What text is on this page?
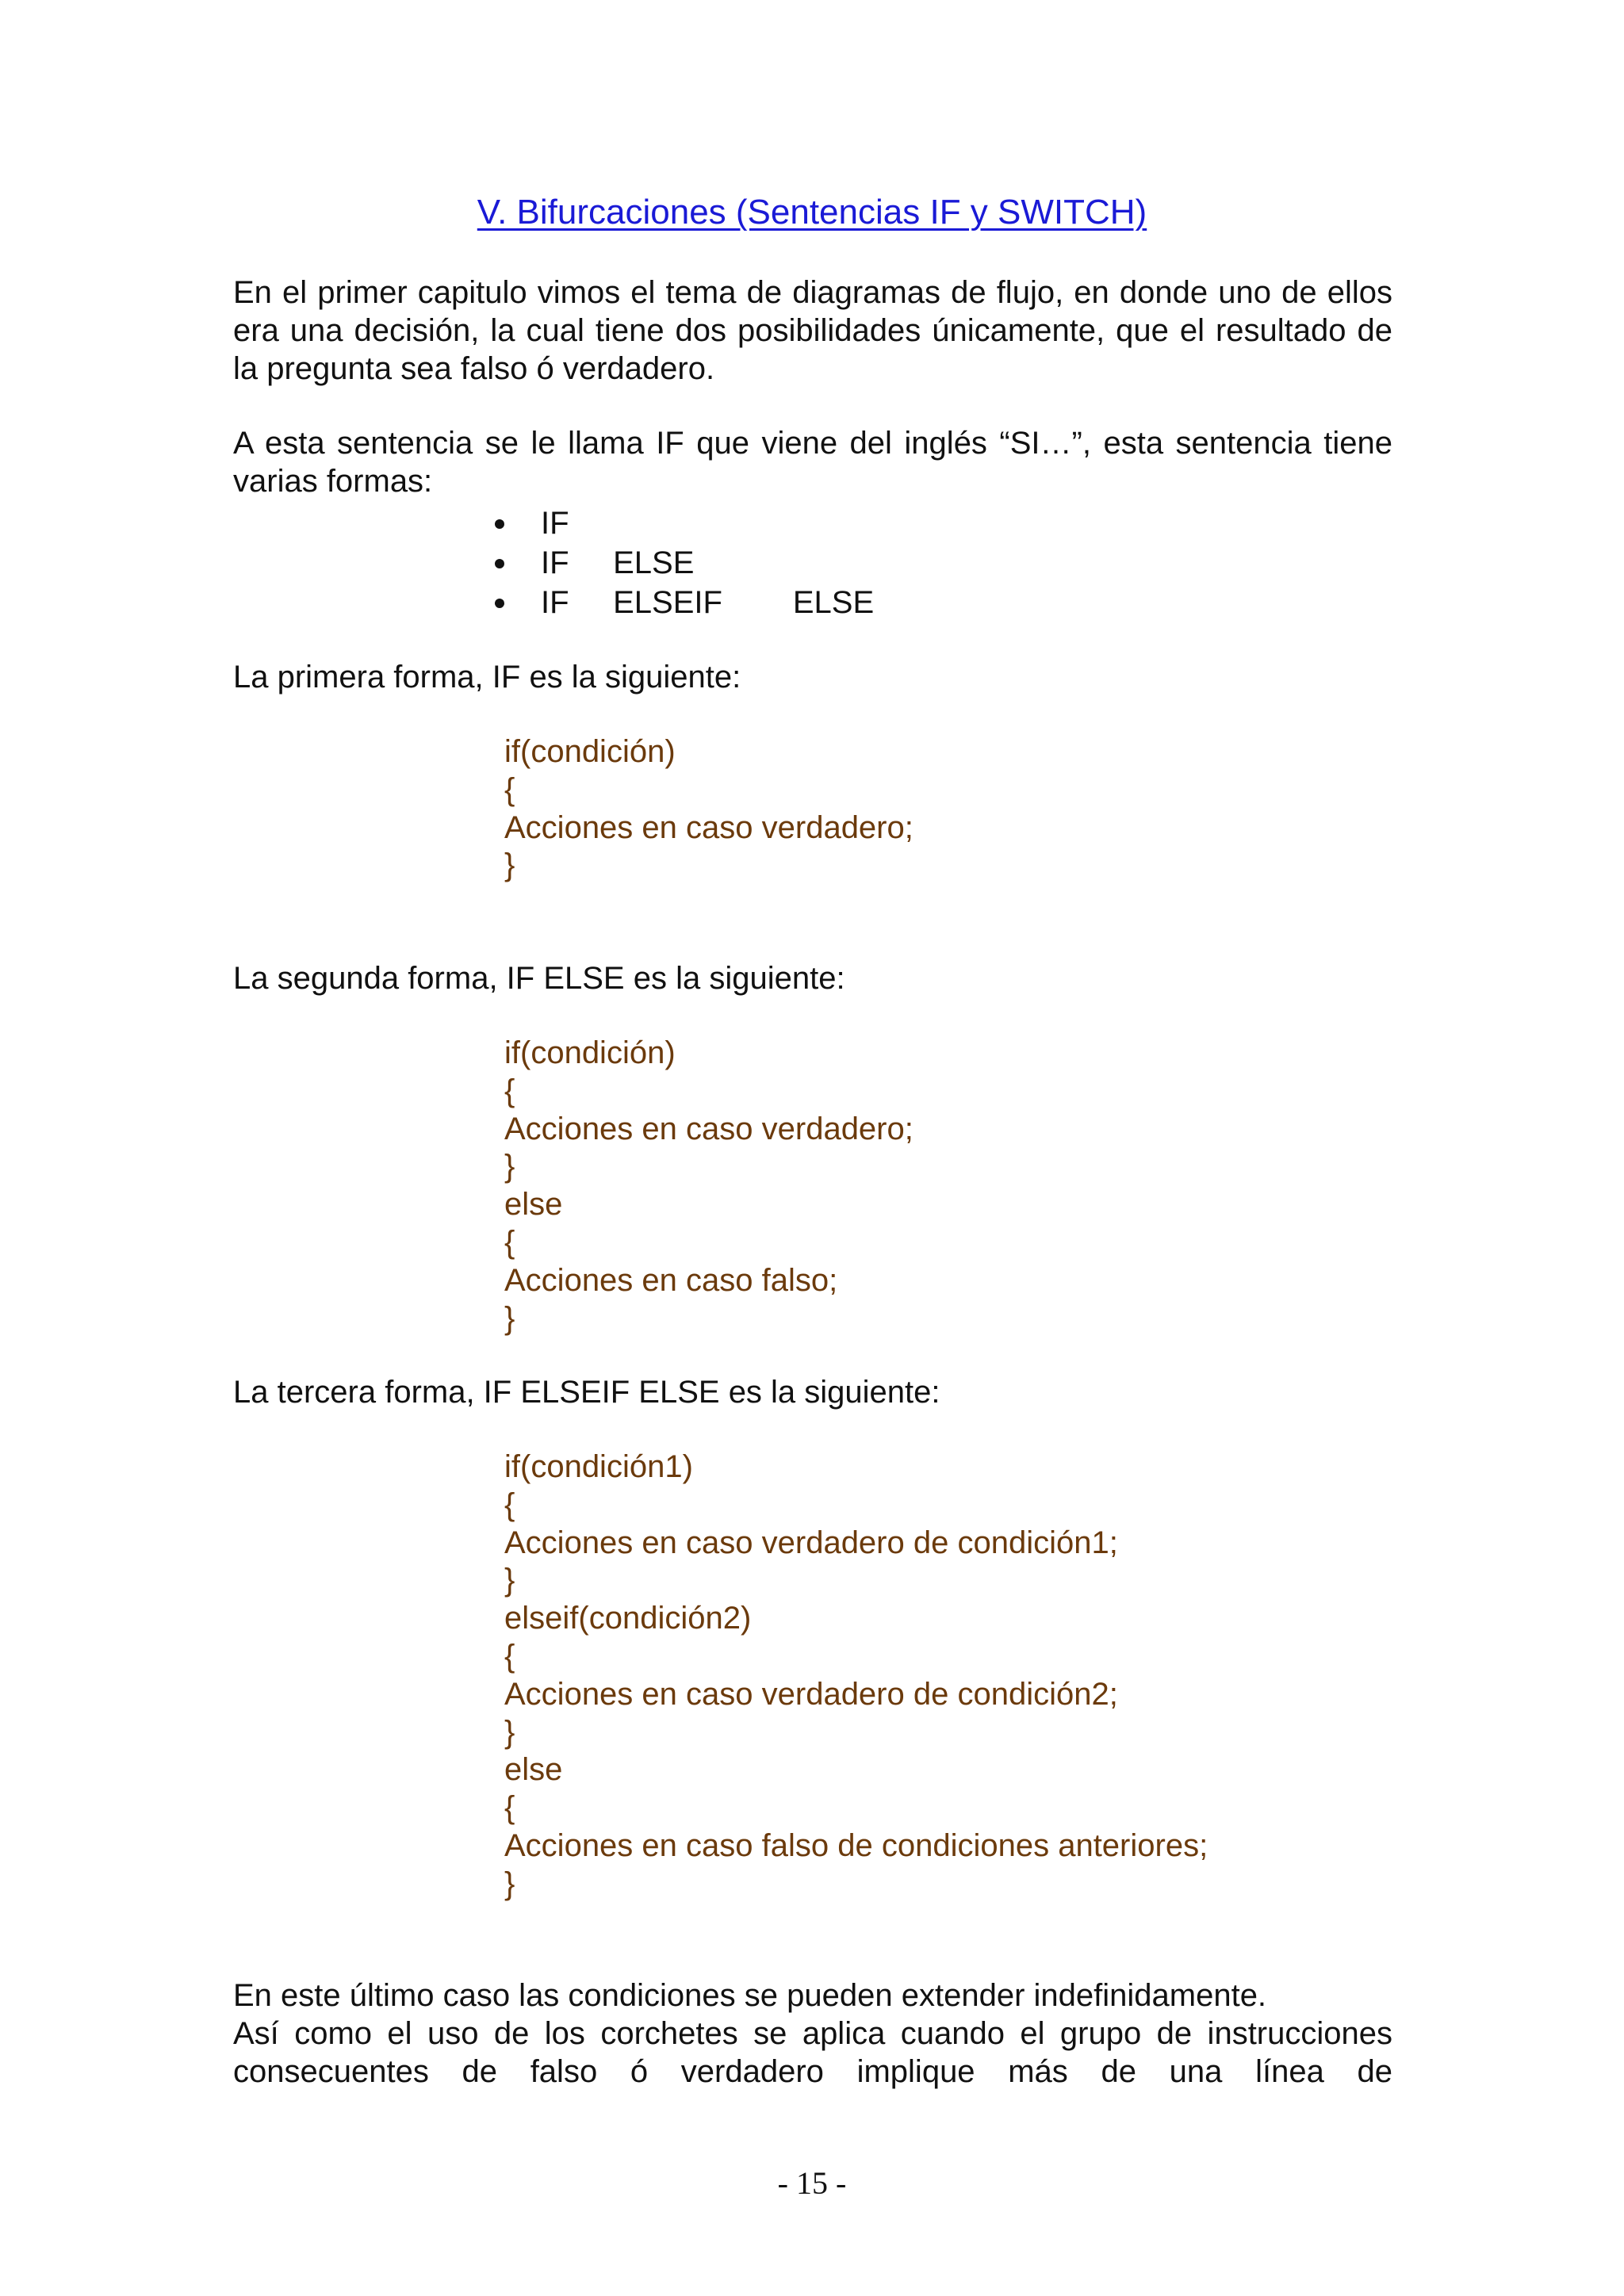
V. Bifurcaciones (Sentencias IF y SWITCH)

En el primer capitulo vimos el tema de diagramas de flujo, en donde uno de ellos era una decisión, la cual tiene dos posibilidades únicamente, que el resultado de la pregunta sea falso ó verdadero.

A esta sentencia se le llama IF que viene del inglés “SI…”, esta sentencia tiene varias formas:

IF
IF     ELSE
IF     ELSEIF        ELSE

La primera forma, IF es la siguiente:

if(condición)
{
Acciones en caso verdadero;
}

La segunda forma, IF ELSE es la siguiente:

if(condición)
{
Acciones en caso verdadero;
}
else
{
Acciones en caso falso;
}

La tercera forma, IF ELSEIF ELSE es la siguiente:

if(condición1)
{
Acciones en caso verdadero de condición1;
}
elseif(condición2)
{
Acciones en caso verdadero de condición2;
}
else
{
Acciones en caso falso de condiciones anteriores;
}

En este último caso las condiciones se pueden extender indefinidamente.

Así como el uso de los corchetes se aplica cuando el grupo de instrucciones consecuentes de falso ó verdadero implique más de una línea de

- 15 -
